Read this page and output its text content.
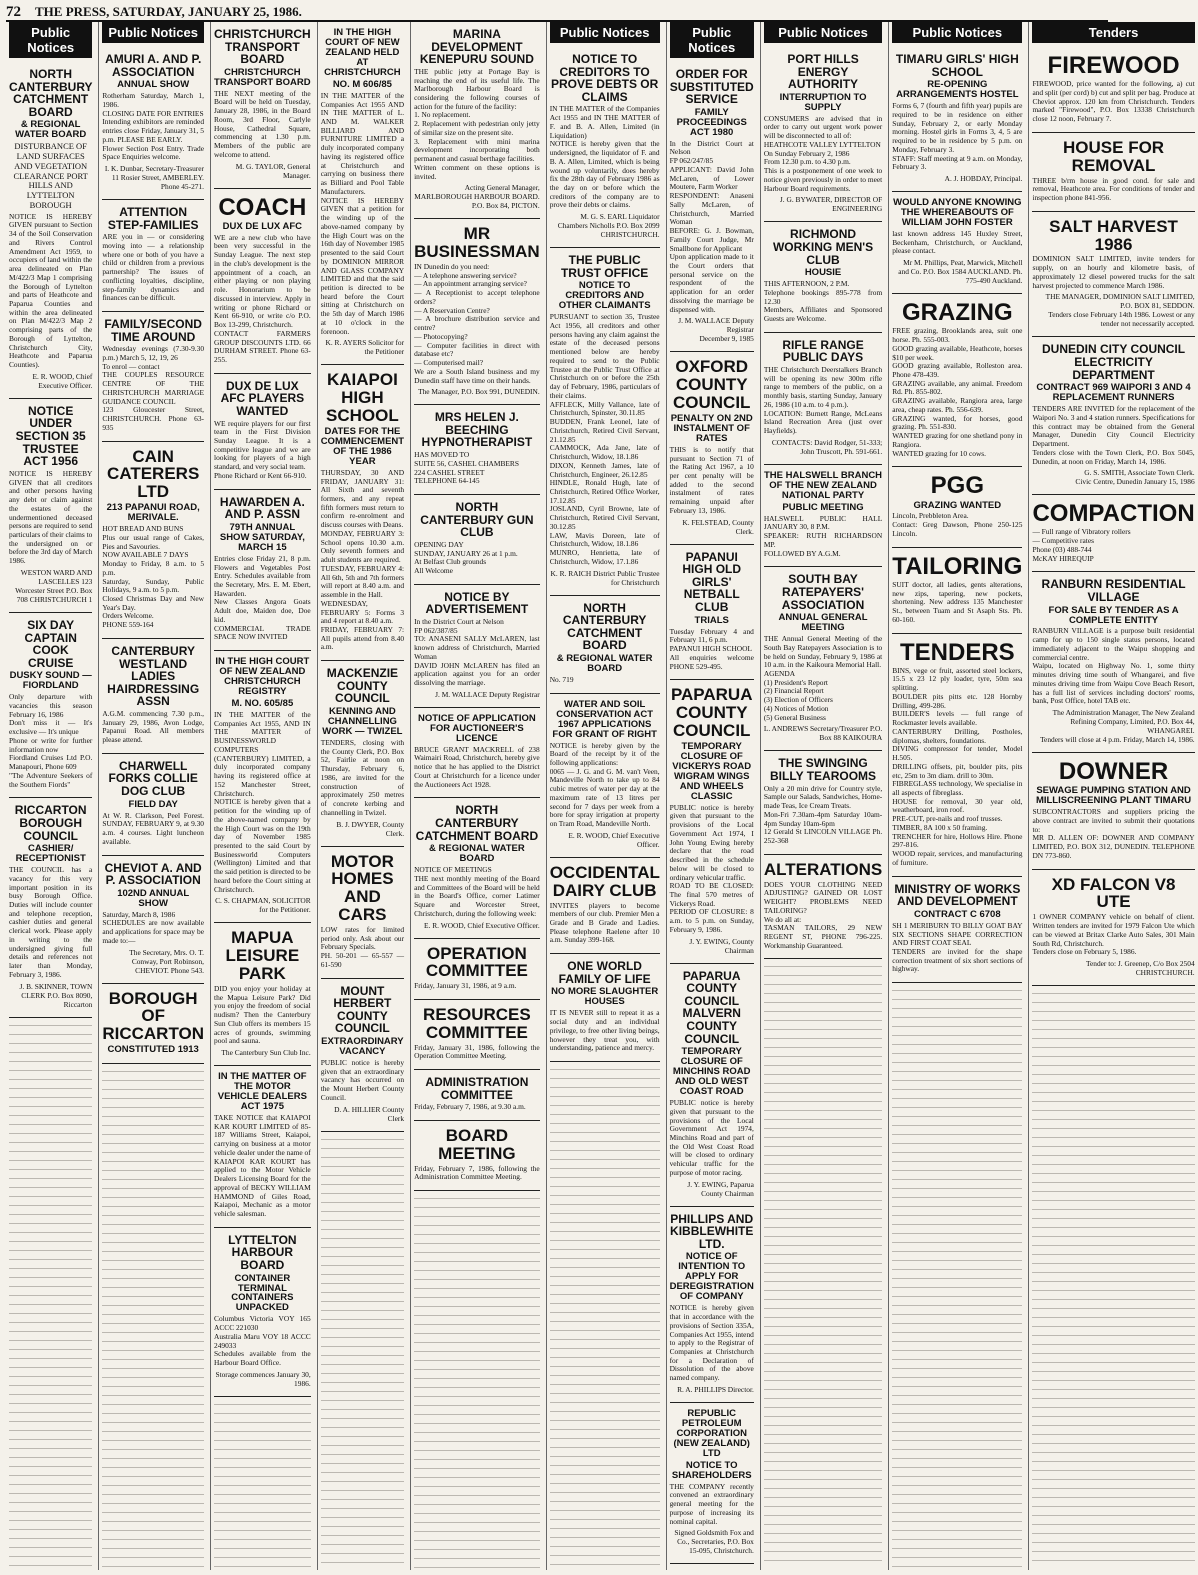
72 THE PRESS, SATURDAY, JANUARY 25, 1986.
Public Notices
NORTH CANTERBURY CATCHMENT BOARD
& REGIONAL WATER BOARD
DISTURBANCE OF LAND SURFACES AND VEGETATION CLEARANCE PORT HILLS AND LYTTELTON BOROUGH
NOTICE IS HEREBY GIVEN pursuant to Section 34 of the Soil Conservation and Rivers Control Amendment Act 1959, to occupiers of land within the area delineated on Plan M/422/3 Map 1 comprising the Borough of Lyttelton and parts of Heathcote and Paparua Counties and within the area delineated on Plan M/422/3 Map 2 comprising parts of the Borough of Lyttelton, Christchurch City, Heathcote and Paparua Counties).
E. R. WOOD, Chief Executive Officer.
NOTICE UNDER SECTION 35 TRUSTEE ACT 1956
NOTICE IS HEREBY GIVEN that all creditors and other persons having any debt or claim against the estates of the undermentioned deceased persons are required to send particulars of their claims to the undersigned on or before the 3rd day of March 1986.
WESTON WARD AND LASCELLES 123 Worcester Street P.O. Box 708 CHRISTCHURCH 1
SIX DAY CAPTAIN COOK CRUISE
DUSKY SOUND — FIORDLAND
Only departure with vacancies this season February 16, 1986
Don't miss it — It's exclusive — It's unique
Phone or write for further information now
Fiordland Cruises Ltd P.O. Manapouri, Phone 609
"The Adventure Seekers of the Southern Fiords"
RICCARTON BOROUGH COUNCIL
CASHIER/ RECEPTIONIST
THE COUNCIL has a vacancy for this very important position in its busy Borough Office. Duties will include counter and telephone reception, cashier duties and general clerical work. Please apply in writing to the undersigned giving full details and references not later than Monday, February 3, 1986.
J. B. SKINNER, TOWN CLERK P.O. Box 8090, Riccarton
Public Notices
AMURI A. AND P. ASSOCIATION
ANNUAL SHOW
Rotherham Saturday, March 1, 1986.
CLOSING DATE FOR ENTRIES
Intending exhibitors are reminded entries close Friday, January 31, 5 p.m. PLEASE BE EARLY.
Flower Section Post Entry. Trade Space Enquiries welcome.
I. K. Dunbar, Secretary-Treasurer 11 Rosier Street, AMBERLEY. Phone 45-271.
ATTENTION STEP-FAMILIES
ARE you in — or considering moving into — a relationship where one or both of you have a child or children from a previous partnership? The issues of conflicting loyalties, discipline, step-family dynamics and finances can be difficult.
FAMILY/SECOND TIME AROUND
Wednesday evenings (7.30-9.30 p.m.) March 5, 12, 19, 26
To enrol — contact
THE COUPLES RESOURCE CENTRE OF THE CHRISTCHURCH MARRIAGE GUIDANCE COUNCIL
123 Gloucester Street, CHRISTCHURCH. Phone 63-935
CAIN CATERERS LTD
213 PAPANUI ROAD, MERIVALE.
HOT BREAD AND BUNS
Plus our usual range of Cakes, Pies and Savouries.
NOW AVAILABLE 7 DAYS
Monday to Friday, 8 a.m. to 5 p.m.
Saturday, Sunday, Public Holidays, 9 a.m. to 5 p.m.
Closed Christmas Day and New Year's Day.
Orders Welcome.
PHONE 559-164
CANTERBURY WESTLAND LADIES HAIRDRESSING ASSN
A.G.M. commencing 7.30 p.m., January 29, 1986, Avon Lodge, Papanui Road. All members please attend.
CHARWELL FORKS COLLIE DOG CLUB
FIELD DAY
At W. R. Clarkson, Peel Forest. SUNDAY, FEBRUARY 9, at 9.30 a.m. 4 courses. Light luncheon available.
CHEVIOT A. AND P. ASSOCIATION
102ND ANNUAL SHOW
Saturday, March 8, 1986
SCHEDULES are now available and applications for space may be made to:—
The Secretary, Mrs. O. T. Conway, Port Robinson, CHEVIOT. Phone 543.
BOROUGH OF RICCARTON
CONSTITUTED 1913
CHRISTCHURCH TRANSPORT BOARD
CHRISTCHURCH TRANSPORT BOARD
THE NEXT meeting of the Board will be held on Tuesday, January 28, 1986, in the Board Room, 3rd Floor, Carlyle House, Cathedral Square, commencing at 1.30 p.m. Members of the public are welcome to attend.
M. G. TAYLOR, General Manager.
COACH
DUX DE LUX AFC
WE are a new club who have been very successful in the Sunday League. The next step in the club's development is the appointment of a coach, an either playing or non playing role. Honorarium to be discussed in interview. Apply in writing or phone Richard or Kent 66-910, or write c/o P.O. Box 13-299, Christchurch.
CONTACT FARMERS GROUP DISCOUNTS LTD. 66 DURHAM STREET. Phone 63-255.
DUX DE LUX AFC PLAYERS WANTED
WE require players for our first team in the First Division Sunday League. It is a competitive league and we are looking for players of a high standard, and very social team.
Phone Richard or Kent 66-910.
HAWARDEN A. AND P. ASSN
79TH ANNUAL SHOW SATURDAY, MARCH 15
Entries close Friday 21, 8 p.m. Flowers and Vegetables Post Entry. Schedules available from the Secretary, Mrs. E. M. Ebert, Hawarden.
New Classes Angora Goats Adult doe, Maiden doe, Doe kid.
COMMERCIAL TRADE SPACE NOW INVITED
IN THE HIGH COURT OF NEW ZEALAND CHRISTCHURCH REGISTRY
M. NO. 605/85
IN THE MATTER of the Companies Act 1955, AND IN THE MATTER of BUSINESSWORLD COMPUTERS (CANTERBURY) LIMITED, a duly incorporated company having its registered office at 152 Manchester Street, Christchurch.
NOTICE is hereby given that a petition for the winding up of the above-named company by the High Court was on the 19th day of November 1985 presented to the said Court by Businessworld Computers (Wellington) Limited and that the said petition is directed to be heard before the Court sitting at Christchurch.
C. S. CHAPMAN, SOLICITOR for the Petitioner.
MAPUA LEISURE PARK
DID you enjoy your holiday at the Mapua Leisure Park? Did you enjoy the freedom of social nudism? Then the Canterbury Sun Club offers its members 15 acres of grounds, swimming pool and sauna.
The Canterbury Sun Club Inc.
IN THE MATTER OF THE MOTOR VEHICLE DEALERS ACT 1975
TAKE NOTICE that KAIAPOI KAR KOURT LIMITED of 85-187 Williams Street, Kaiapoi, carrying on business at a motor vehicle dealer under the name of KAIAPOI KAR KOURT has applied to the Motor Vehicle Dealers Licensing Board for the approval of BECKY WILLIAM HAMMOND of Giles Road, Kaiapoi, Mechanic as a motor vehicle salesman.
LYTTELTON HARBOUR BOARD
CONTAINER TERMINAL CONTAINERS UNPACKED
Columbus Victoria VOY 165 ACCC 221030
Australia Maru VOY 18 ACCC 249033
Schedules available from the Harbour Board Office.
Storage commences January 30, 1986.
IN THE HIGH COURT OF NEW ZEALAND HELD AT CHRISTCHURCH
NO. M 606/85
IN THE MATTER of the Companies Act 1955 AND IN THE MATTER of L. AND M. WALKER BILLIARD AND FURNITURE LIMITED a duly incorporated company having its registered office at Christchurch and carrying on business there as Billiard and Pool Table Manufacturers.
NOTICE IS HEREBY GIVEN that a petition for the winding up of the above-named company by the High Court was on the 16th day of November 1985 presented to the said Court by DOMINION MIRROR AND GLASS COMPANY LIMITED and that the said petition is directed to be heard before the Court sitting at Christchurch on the 5th day of March 1986 at 10 o'clock in the forenoon.
K. R. AYERS Solicitor for the Petitioner
KAIAPOI HIGH SCHOOL
DATES FOR THE COMMENCEMENT OF THE 1986 YEAR
THURSDAY, 30 AND FRIDAY, JANUARY 31: All Sixth and seventh formers, and any repeat fifth formers must return to confirm re-enrolment and discuss courses with Deans.
MONDAY, FEBRUARY 3: School opens 10.30 a.m. Only seventh formers and adult students are required.
TUESDAY, FEBRUARY 4: All 6th, 5th and 7th formers will report at 8.40 a.m. and assemble in the Hall.
WEDNESDAY, FEBRUARY 5: Forms 3 and 4 report at 8.40 a.m.
FRIDAY, FEBRUARY 7: All pupils attend from 8.40 a.m.
MACKENZIE COUNTY COUNCIL
KENNING AND CHANNELLING WORK — TWIZEL
TENDERS, closing with the County Clerk, P.O. Box 52, Fairlie at noon on Thursday, February 6, 1986, are invited for the construction of approximately 250 metres of concrete kerbing and channelling in Twizel.
B. J. DWYER, County Clerk.
MOTOR HOMES AND CARS
LOW rates for limited period only. Ask about our February Specials.
PH. 50-201 — 65-557 — 61-590
MOUNT HERBERT COUNTY COUNCIL
EXTRAORDINARY VACANCY
PUBLIC notice is hereby given that an extraordinary vacancy has occurred on the Mount Herbert County Council.
D. A. HILLIER County Clerk
MARINA DEVELOPMENT KENEPURU SOUND
THE public jetty at Portage Bay is reaching the end of its useful life. The Marlborough Harbour Board is considering the following courses of action for the future of the facility:
1. No replacement.
2. Replacement with pedestrian only jetty of similar size on the present site.
3. Replacement with mini marina development incorporating both permanent and casual berthage facilities.
Written comment on these options is invited.
Acting General Manager, MARLBOROUGH HARBOUR BOARD. P.O. Box 84, PICTON.
MR BUSINESSMAN
IN Dunedin do you need:
— A telephone answering service?
— An appointment arranging service?
— A Receptionist to accept telephone orders?
— A Reservation Centre?
— A brochure distribution service and centre?
— Photocopying?
— Computer facilities in direct with database etc?
— Computerised mail?
We are a South Island business and my Dunedin staff have time on their hands.
The Manager, P.O. Box 991, DUNEDIN.
MRS HELEN J. BEECHING HYPNOTHERAPIST
HAS MOVED TO
SUITE 56, CASHEL CHAMBERS
224 CASHEL STREET
TELEPHONE 64-145
NORTH CANTERBURY GUN CLUB
OPENING DAY
SUNDAY, JANUARY 26 at 1 p.m.
At Belfast Club grounds
All Welcome
NOTICE BY ADVERTISEMENT
In the District Court at Nelson
FP 062/387/85
TO: ANASENI SALLY McLAREN, last known address of Christchurch, Married Woman
DAVID JOHN McLAREN has filed an application against you for an order dissolving the marriage.
J. M. WALLACE Deputy Registrar
NOTICE OF APPLICATION FOR AUCTIONEER'S LICENCE
BRUCE GRANT MACKRELL of 238 Waimairi Road, Christchurch, hereby give notice that he has applied to the District Court at Christchurch for a licence under the Auctioneers Act 1928.
NORTH CANTERBURY CATCHMENT BOARD
& REGIONAL WATER BOARD
NOTICE OF MEETINGS
THE next monthly meeting of the Board and Committees of the Board will be held in the Board's Office, corner Latimer Square and Worcester Street, Christchurch, during the following week:
E. R. WOOD, Chief Executive Officer.
OPERATION COMMITTEE
Friday, January 31, 1986, at 9 a.m.
RESOURCES COMMITTEE
Friday, January 31, 1986, following the Operation Committee Meeting.
ADMINISTRATION COMMITTEE
Friday, February 7, 1986, at 9.30 a.m.
BOARD MEETING
Friday, February 7, 1986, following the Administration Committee Meeting.
Public Notices
NOTICE TO CREDITORS TO PROVE DEBTS OR CLAIMS
IN THE MATTER of the Companies Act 1955 and IN THE MATTER of F. and B. A. Allen, Limited (in Liquidation)
NOTICE is hereby given that the undersigned, the liquidator of F. and B. A. Allen, Limited, which is being wound up voluntarily, does hereby fix the 28th day of February 1986 as the day on or before which the creditors of the company are to prove their debts or claims.
M. G. S. EARL Liquidator
Chambers Nicholls P.O. Box 2099 CHRISTCHURCH.
THE PUBLIC TRUST OFFICE
NOTICE TO CREDITORS AND OTHER CLAIMANTS
PURSUANT to section 35, Trustee Act 1956, all creditors and other persons having any claim against the estate of the deceased persons mentioned below are hereby required to send to the Public Trustee at the Public Trust Office at Christchurch on or before the 25th day of February, 1986, particulars of their claims.
AFFLECK, Milly Vallance, late of Christchurch, Spinster, 30.11.85
BUDDEN, Frank Leonel, late of Christchurch, Retired Civil Servant, 21.12.85
CAMMOCK, Ada Jane, late of Christchurch, Widow, 18.1.86
DIXON, Kenneth James, late of Christchurch, Engineer, 26.12.85
HINDLE, Ronald Hugh, late of Christchurch, Retired Office Worker, 17.12.85
JOSLAND, Cyril Browne, late of Christchurch, Retired Civil Servant, 30.12.85
LAW, Mavis Doreen, late of Christchurch, Widow, 18.1.86
MUNRO, Henrietta, late of Christchurch, Widow, 17.1.86
K. R. RAICH District Public Trustee for Christchurch
NORTH CANTERBURY CATCHMENT BOARD
& REGIONAL WATER BOARD
No. 719
WATER AND SOIL CONSERVATION ACT 1967 APPLICATIONS FOR GRANT OF RIGHT
NOTICE is hereby given by the Board of the receipt by it of the following applications:
0065 — J. G. and G. M. van't Veen, Mandeville North to take up to 84 cubic metres of water per day at the maximum rate of 13 litres per second for 7 days per week from a bore for spray irrigation at property on Tram Road, Mandeville North.
E. R. WOOD, Chief Executive Officer.
OCCIDENTAL DAIRY CLUB
INVITES players to become members of our club. Premier Men a Grade and B Grade and Ladies. Please telephone Raelene after 10 a.m. Sunday 399-168.
ONE WORLD FAMILY OF LIFE
NO MORE SLAUGHTER HOUSES
IT IS NEVER still to repeat it as a social duty and an individual privilege, to free other living beings, however they treat you, with understanding, patience and mercy.
Public Notices
ORDER FOR SUBSTITUTED SERVICE
FAMILY PROCEEDINGS ACT 1980
In the District Court at Nelson
FP 062/247/85
APPLICANT: David John McLaren, of Lower Moutere, Farm Worker
RESPONDENT: Anaseni Sally McLaren, of Christchurch, Married Woman
BEFORE: G. J. Bowman, Family Court Judge, Mr Smallbone for Applicant
Upon application made to it the Court orders that personal service on the respondent of the application for an order dissolving the marriage be dispensed with.
J. M. WALLACE Deputy Registrar
December 9, 1985
OXFORD COUNTY COUNCIL
PENALTY ON 2ND INSTALMENT OF RATES
THIS is to notify that pursuant to Section 71 of the Rating Act 1967, a 10 per cent penalty will be added to the second instalment of rates remaining unpaid after February 13, 1986.
K. FELSTEAD, County Clerk.
PAPANUI HIGH OLD GIRLS' NETBALL CLUB
TRIALS
Tuesday February 4 and February 11, 6 p.m.
PAPANUI HIGH SCHOOL
All enquiries welcome PHONE 529-495.
PAPARUA COUNTY COUNCIL
TEMPORARY CLOSURE OF VICKERYS ROAD WIGRAM WINGS AND WHEELS CLASSIC
PUBLIC notice is hereby given that pursuant to the provisions of the Local Government Act 1974, I John Young Ewing hereby declare that the road described in the schedule below will be closed to ordinary vehicular traffic.
ROAD TO BE CLOSED: The final 570 metres of Vickerys Road.
PERIOD OF CLOSURE: 8 a.m. to 5 p.m. on Sunday, February 9, 1986.
J. Y. EWING, County Chairman
PAPARUA COUNTY COUNCIL MALVERN COUNTY COUNCIL
TEMPORARY CLOSURE OF MINCHINS ROAD AND OLD WEST COAST ROAD
PUBLIC notice is hereby given that pursuant to the provisions of the Local Government Act 1974, Minchins Road and part of the Old West Coast Road will be closed to ordinary vehicular traffic for the purpose of motor racing.
J. Y. EWING, Paparua County Chairman
PHILLIPS AND KIBBLEWHITE LTD.
NOTICE OF INTENTION TO APPLY FOR DEREGISTRATION OF COMPANY
NOTICE is hereby given that in accordance with the provisions of Section 335A, Companies Act 1955, intend to apply to the Registrar of Companies at Christchurch for a Declaration of Dissolution of the above named company.
R. A. PHILLIPS Director.
REPUBLIC PETROLEUM CORPORATION (NEW ZEALAND) LTD
NOTICE TO SHAREHOLDERS
THE COMPANY recently convened an extraordinary general meeting for the purpose of increasing its nominal capital.
Signed Goldsmith Fox and Co., Secretaries, P.O. Box 15-095, Christchurch.
Public Notices
PORT HILLS ENERGY AUTHORITY
INTERRUPTION TO SUPPLY
CONSUMERS are advised that in order to carry out urgent work power will be disconnected to all of:
HEATHCOTE VALLEY LYTTELTON
On Sunday February 2, 1986
From 12.30 p.m. to 4.30 p.m.
This is a postponement of one week to notice given previously in order to meet Harbour Board requirements.
J. G. BYWATER, DIRECTOR OF ENGINEERING
RICHMOND WORKING MEN'S CLUB
HOUSIE
THIS AFTERNOON, 2 P.M.
Telephone bookings 895-778 from 12.30
Members, Affiliates and Sponsored Guests are Welcome.
RIFLE RANGE PUBLIC DAYS
THE Christchurch Deerstalkers Branch will be opening its new 300m rifle range to members of the public, on a monthly basis, starting Sunday, January 26, 1986 (10 a.m. to 4 p.m.).
LOCATION: Burnett Range, McLeans Island Recreation Area (just over Hayfields).
CONTACTS: David Rodger, 51-333; John Truscott, Ph. 591-661.
THE HALSWELL BRANCH OF THE NEW ZEALAND NATIONAL PARTY
PUBLIC MEETING
HALSWELL PUBLIC HALL JANUARY 30, 8 P.M.
SPEAKER: RUTH RICHARDSON MP.
FOLLOWED BY A.G.M.
SOUTH BAY RATEPAYERS' ASSOCIATION
ANNUAL GENERAL MEETING
THE Annual General Meeting of the South Bay Ratepayers Association is to be held on Sunday, February 9, 1986 at 10 a.m. in the Kaikoura Memorial Hall.
AGENDA
(1) President's Report
(2) Financial Report
(3) Election of Officers
(4) Notices of Motion
(5) General Business
L. ANDREWS Secretary/Treasurer P.O. Box 88 KAIKOURA
THE SWINGING BILLY TEAROOMS
Only a 20 min drive for Country style, Sample our Salads, Sandwiches, Home-made Teas, Ice Cream Treats.
Mon-Fri 7.30am-4pm Saturday 10am-4pm Sunday 10am-6pm
12 Gerald St LINCOLN VILLAGE Ph. 252-368
ALTERATIONS
DOES YOUR CLOTHING NEED ADJUSTING? GAINED OR LOST WEIGHT? PROBLEMS NEED TAILORING?
We do all at:
TASMAN TAILORS, 29 NEW REGENT ST, PHONE 796-225. Workmanship Guaranteed.
Public Notices
TIMARU GIRLS' HIGH SCHOOL
RE-OPENING ARRANGEMENTS HOSTEL
Forms 6, 7 (fourth and fifth year) pupils are required to be in residence on either Sunday, February 2, or early Monday morning. Hostel girls in Forms 3, 4, 5 are required to be in residence by 5 p.m. on Monday, February 3.
STAFF: Staff meeting at 9 a.m. on Monday, February 3.
A. J. HOBDAY, Principal.
WOULD ANYONE KNOWING THE WHEREABOUTS OF WILLIAM JOHN FOSTER
last known address 145 Huxley Street, Beckenham, Christchurch, or Auckland, please contact.
Mr M. Phillips, Peat, Marwick, Mitchell and Co. P.O. Box 1584 AUCKLAND. Ph. 775-490 Auckland.
GRAZING
FREE grazing, Brooklands area, suit one horse. Ph. 555-003.
GOOD grazing available, Heathcote, horses $10 per week.
GOOD grazing available, Rolleston area. Phone 478-439.
GRAZING available, any animal. Freedom Rd. Ph. 855-802.
GRAZING available, Rangiora area, large area, cheap rates. Ph. 556-639.
GRAZING wanted, for horses, good grazing. Ph. 551-830.
WANTED grazing for one shetland pony in Rangiora.
WANTED grazing for 10 cows.
PGG
GRAZING WANTED
Lincoln, Prebbleton Area.
Contact: Greg Dawson, Phone 250-125 Lincoln.
TAILORING
SUIT doctor, all ladies, gents alterations, new zips, tapering, new pockets, shortening. New address 135 Manchester St., between Tuam and St Asaph Sts. Ph. 60-160.
TENDERS
BINS, vege or fruit, assorted steel lockers, 15.5 x 23 12 ply loader, tyre, 50m sea splitting.
BOULDER pits pitts etc. 128 Hornby Drilling, 499-286.
BUILDER'S levels — full range of Rockmaster levels available.
CANTERBURY Drilling, Postholes, diplomas, shelters, foundations.
DIVING compressor for tender, Model H.505.
DRILLING offsets, pit, boulder pits, pits etc, 25m to 3m diam. drill to 30m.
FIBREGLASS technology, We specialise in all aspects of fibreglass.
HOUSE for removal, 30 year old, weatherboard, iron roof.
PRE-CUT, pre-nails and roof trusses.
TIMBER, 8A 100 x 50 framing.
TRENCHER for hire, Hollows Hire. Phone 297-816.
WOOD repair, services, and manufacturing of furniture.
MINISTRY OF WORKS AND DEVELOPMENT
CONTRACT C 6708
SH 1 MERIBURN TO BILLY GOAT BAY SIX SECTIONS SHAPE CORRECTION AND FIRST COAT SEAL
TENDERS are invited for the shape correction treatment of six short sections of highway.
Tenders
FIREWOOD
FIREWOOD, price wanted for the following, a) cut and split (per cord) b) cut and split per bag. Produce at Cheviot approx. 120 km from Christchurch. Tenders marked "Firewood", P.O. Box 13338 Christchurch close 12 noon, February 7.
HOUSE FOR REMOVAL
THREE b/rm house in good cond. for sale and removal, Heathcote area. For conditions of tender and inspection phone 841-956.
SALT HARVEST 1986
DOMINION SALT LIMITED, invite tenders for supply, on an hourly and kilometre basis, of approximately 12 diesel powered trucks for the salt harvest projected to commence March 1986.
THE MANAGER, DOMINION SALT LIMITED, P.O. BOX 81, SEDDON.
Tenders close February 14th 1986. Lowest or any tender not necessarily accepted.
DUNEDIN CITY COUNCIL ELECTRICITY DEPARTMENT
CONTRACT 969 WAIPORI 3 AND 4 REPLACEMENT RUNNERS
TENDERS ARE INVITED for the replacement of the Waipori No. 3 and 4 station runners. Specifications for this contract may be obtained from the General Manager, Dunedin City Council Electricity Department.
Tenders close with the Town Clerk, P.O. Box 5045, Dunedin, at noon on Friday, March 14, 1986.
G. S. SMITH, Associate Town Clerk.
Civic Centre, Dunedin January 15, 1986
COMPACTION
— Full range of Vibratory rollers
— Competitive rates
Phone (03) 488-744
McKAY HIREQUIP
RANBURN RESIDENTIAL VILLAGE
FOR SALE BY TENDER AS A COMPLETE ENTITY
RANBURN VILLAGE is a purpose built residential camp for up to 150 single status persons, located immediately adjacent to the Waipu shopping and commercial centre.
Waipu, located on Highway No. 1, some thirty minutes driving time south of Whangarei, and five minutes driving time from Waipu Cove Beach Resort, has a full list of services including doctors' rooms, bank, Post Office, hotel TAB etc.
The Administration Manager, The New Zealand Refining Company, Limited, P.O. Box 44, WHANGAREI.
Tenders will close at 4 p.m. Friday, March 14, 1986.
DOWNER
SEWAGE PUMPING STATION AND MILLISCREENING PLANT TIMARU
SUBCONTRACTORS and suppliers pricing the above contract are invited to submit their quotations to:
MR D. ALLEN OF: DOWNER AND COMPANY LIMITED, P.O. BOX 312, DUNEDIN. TELEPHONE DN 773-860.
XD FALCON V8 UTE
1 OWNER COMPANY vehicle on behalf of client. Written tenders are invited for 1979 Falcon Ute which can be viewed at Britax Clarke Auto Sales, 301 Main South Rd, Christchurch.
Tenders close on February 5, 1986.
Tender to: J. Greenep, C/o Box 2504 CHRISTCHURCH.
